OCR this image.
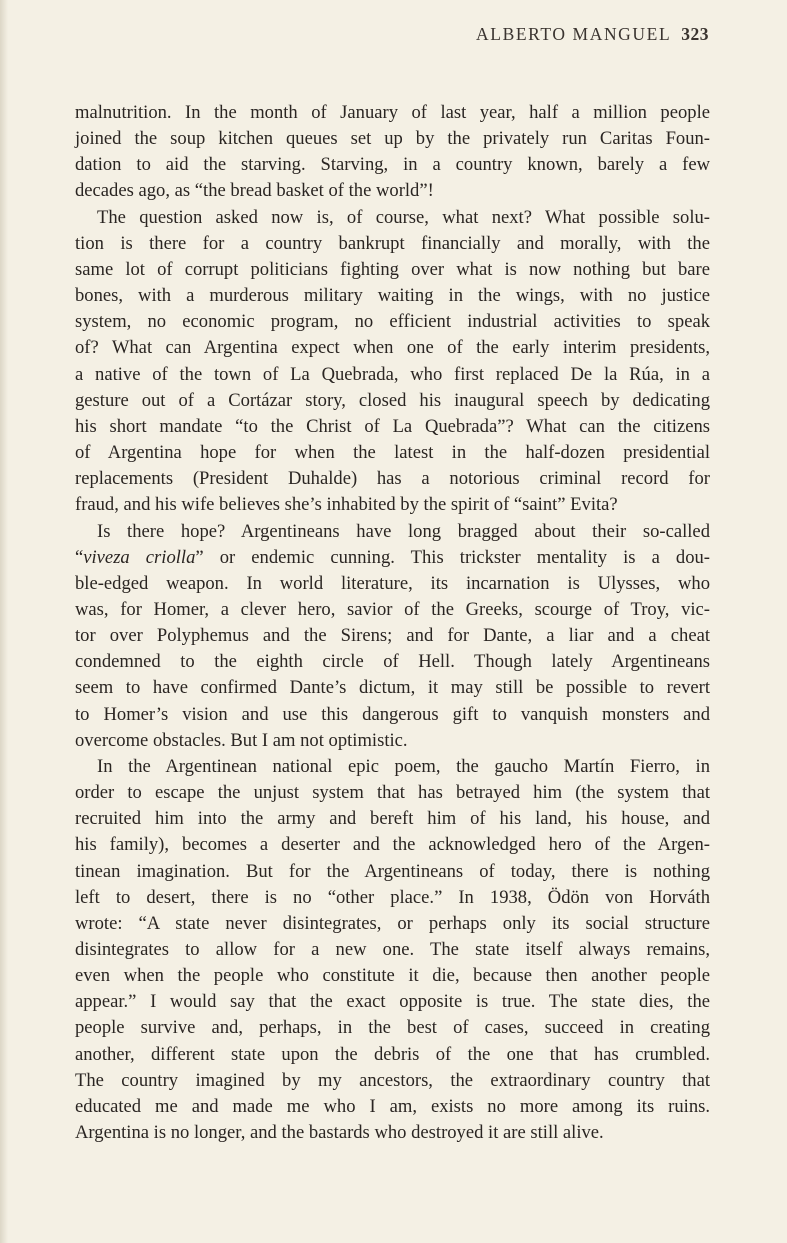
ALBERTO MANGUEL 323

malnutrition. In the month of January of last year, half a million people
joined the soup kitchen queues set up by the privately run Caritas Foun-
dation to aid the starving. Starving, in a country known, barely a few
decades ago, as “the bread basket of the world”!

The question asked now is, of course, what next? What possible solu-
tion is there for a country bankrupt financially and morally, with the
same lot of corrupt politicians fighting over what is now nothing but bare
bones, with a murderous military waiting in the wings, with no justice
system, no economic program, no efficient industrial activities to speak
of? What can Argentina expect when one of the early interim presidents,
a native of the town of La Quebrada, who first replaced De la Rúa, in a
gesture out of a Cortázar story, closed his inaugural speech by dedicating
his short mandate “to the Christ of La Quebrada”? What can the citizens
of Argentina hope for when the latest in the half-dozen presidential
replacements (President Duhalde) has a notorious criminal record for
fraud, and his wife believes she’s inhabited by the spirit of “saint” Evita?

Is there hope? Argentineans have long bragged about their so-called
“viveza criolla” or endemic cunning. This trickster mentality is a dou-
ble-edged weapon. In world literature, its incarnation is Ulysses, who
was, for Homer, a clever hero, savior of the Greeks, scourge of Troy, vic-
tor over Polyphemus and the Sirens; and for Dante, a liar and a cheat
condemned to the eighth circle of Hell. Though lately Argentineans
seem to have confirmed Dante’s dictum, it may still be possible to revert
to Homer’s vision and use this dangerous gift to vanquish monsters and
overcome obstacles. But I am not optimistic.

In the Argentinean national epic poem, the gaucho Martín Fierro, in
order to escape the unjust system that has betrayed him (the system that
recruited him into the army and bereft him of his land, his house, and
his family), becomes a deserter and the acknowledged hero of the Argen-
tinean imagination. But for the Argentineans of today, there is nothing
left to desert, there is no “other place.” In 1938, Ödön von Horváth
wrote: “A state never disintegrates, or perhaps only its social structure
disintegrates to allow for a new one. The state itself always remains,
even when the people who constitute it die, because then another people
appear.” I would say that the exact opposite is true. The state dies, the
people survive and, perhaps, in the best of cases, succeed in creating
another, different state upon the debris of the one that has crumbled.
The country imagined by my ancestors, the extraordinary country that
educated me and made me who I am, exists no more among its ruins.
Argentina is no longer, and the bastards who destroyed it are still alive.
